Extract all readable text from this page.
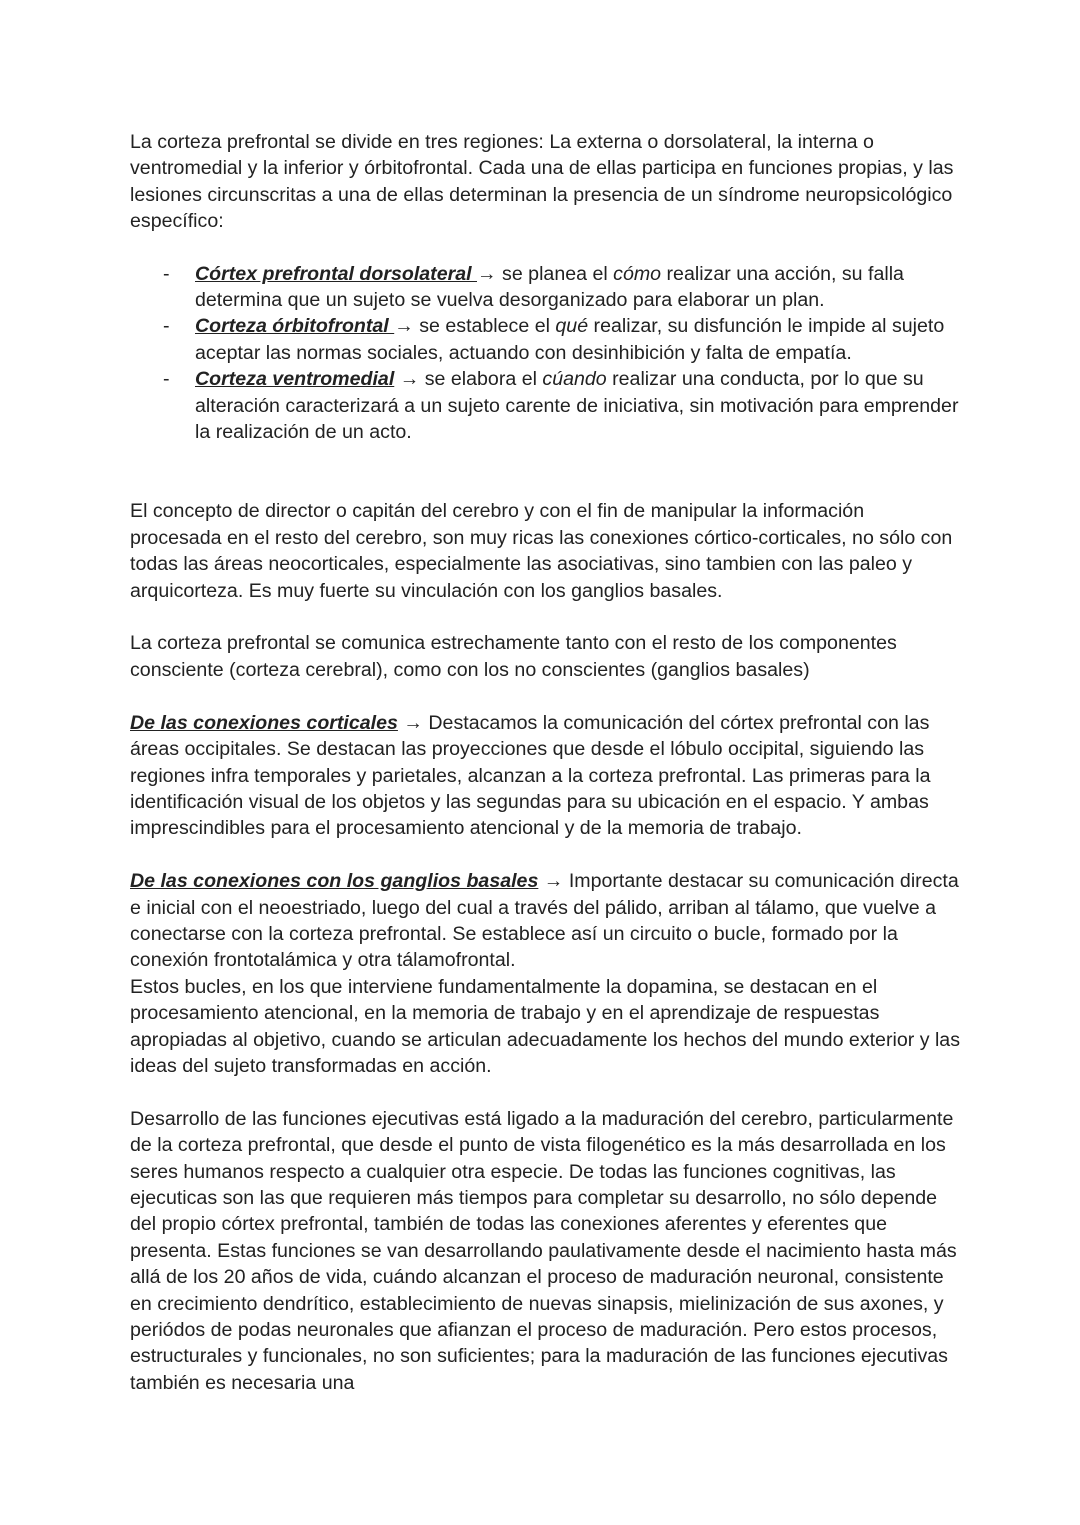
La corteza prefrontal se divide en tres regiones: La externa o dorsolateral, la interna o ventromedial y la inferior y órbitofrontal. Cada una de ellas participa en funciones propias, y las lesiones circunscritas a una de ellas determinan la presencia de un síndrome neuropsicológico específico:

- Córtex prefrontal dorsolateral → se planea el cómo realizar una acción, su falla determina que un sujeto se vuelva desorganizado para elaborar un plan.
- Corteza órbitofrontal → se establece el qué realizar, su disfunción le impide al sujeto aceptar las normas sociales, actuando con desinhibición y falta de empatía.
- Corteza ventromedial → se elabora el cúando realizar una conducta, por lo que su alteración caracterizará a un sujeto carente de iniciativa, sin motivación para emprender la realización de un acto.

El concepto de director o capitán del cerebro y con el fin de manipular la información procesada en el resto del cerebro, son muy ricas las conexiones córtico-corticales, no sólo con todas las áreas neocorticales, especialmente las asociativas, sino tambien con las paleo y arquicorteza. Es muy fuerte su vinculación con los ganglios basales.

La corteza prefrontal se comunica estrechamente tanto con el resto de los componentes consciente (corteza cerebral), como con los no conscientes (ganglios basales)

De las conexiones corticales → Destacamos la comunicación del córtex prefrontal con las áreas occipitales. Se destacan las proyecciones que desde el lóbulo occipital, siguiendo las regiones infra temporales y parietales, alcanzan a la corteza prefrontal. Las primeras para la identificación visual de los objetos y las segundas para su ubicación en el espacio. Y ambas imprescindibles para el procesamiento atencional y de la memoria de trabajo.

De las conexiones con los ganglios basales → Importante destacar su comunicación directa e inicial con el neoestriado, luego del cual a través del pálido, arriban al tálamo, que vuelve a conectarse con la corteza prefrontal. Se establece así un circuito o bucle, formado por la conexión frontotalámica y otra tálamofrontal.

Estos bucles, en los que interviene fundamentalmente la dopamina, se destacan en el procesamiento atencional, en la memoria de trabajo y en el aprendizaje de respuestas apropiadas al objetivo, cuando se articulan adecuadamente los hechos del mundo exterior y las ideas del sujeto transformadas en acción.

Desarrollo de las funciones ejecutivas está ligado a la maduración del cerebro, particularmente de la corteza prefrontal, que desde el punto de vista filogenético es la más desarrollada en los seres humanos respecto a cualquier otra especie. De todas las funciones cognitivas, las ejecuticas son las que requieren más tiempos para completar su desarrollo, no sólo depende del propio córtex prefrontal, también de todas las conexiones aferentes y eferentes que presenta. Estas funciones se van desarrollando paulativamente desde el nacimiento hasta más allá de los 20 años de vida, cuándo alcanzan el proceso de maduración neuronal, consistente en crecimiento dendrítico, establecimiento de nuevas sinapsis, mielinización de sus axones, y periódos de podas neuronales que afianzan el proceso de maduración. Pero estos procesos, estructurales y funcionales, no son suficientes; para la maduración de las funciones ejecutivas también es necesaria una
